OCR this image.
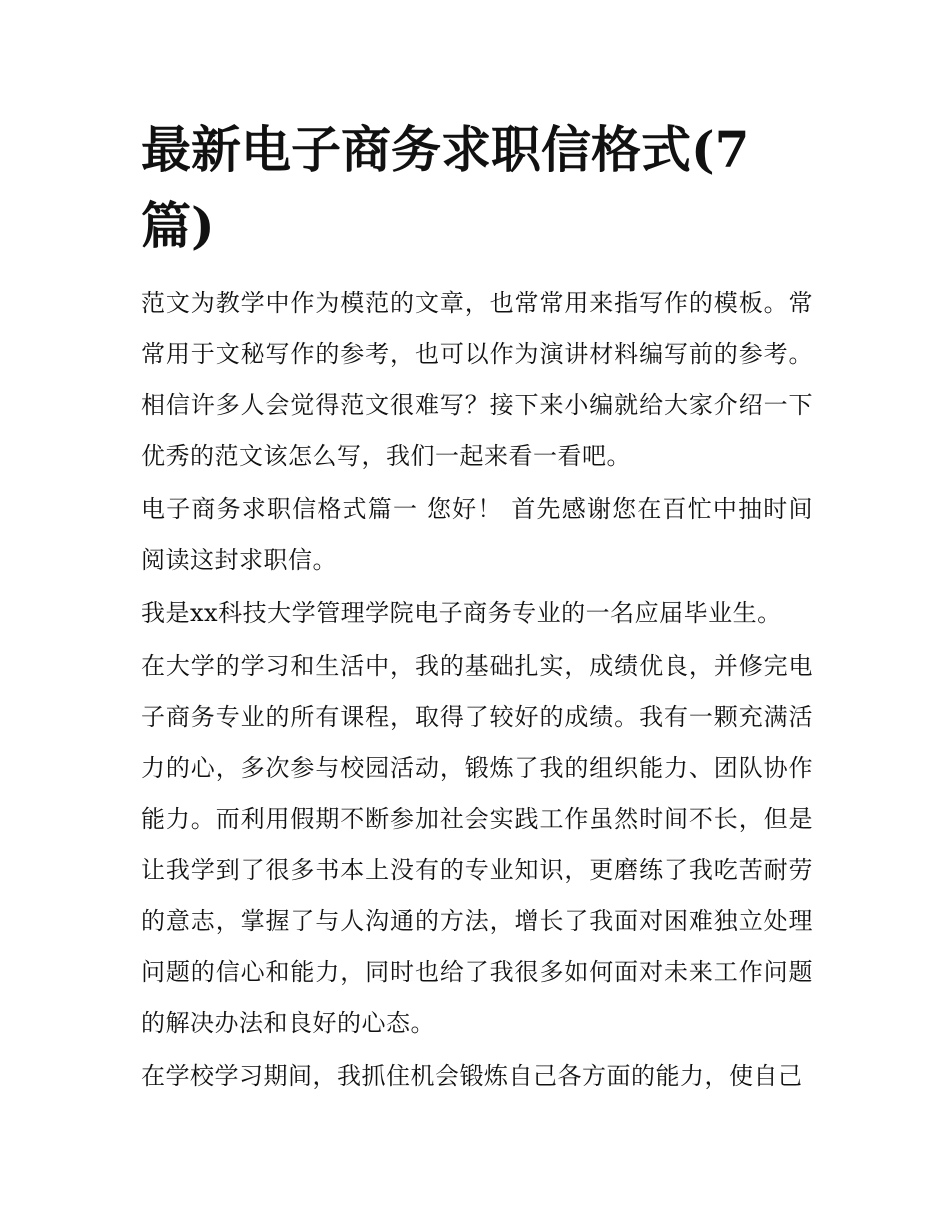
最新电子商务求职信格式(7篇)

范文为教学中作为模范的文章，也常常用来指写作的模板。常常用于文秘写作的参考，也可以作为演讲材料编写前的参考。相信许多人会觉得范文很难写？接下来小编就给大家介绍一下优秀的范文该怎么写，我们一起来看一看吧。

电子商务求职信格式篇一 您好！ 首先感谢您在百忙中抽时间阅读这封求职信。

我是xx科技大学管理学院电子商务专业的一名应届毕业生。

在大学的学习和生活中，我的基础扎实，成绩优良，并修完电子商务专业的所有课程，取得了较好的成绩。我有一颗充满活力的心，多次参与校园活动，锻炼了我的组织能力、团队协作能力。而利用假期不断参加社会实践工作虽然时间不长，但是让我学到了很多书本上没有的专业知识，更磨练了我吃苦耐劳的意志，掌握了与人沟通的方法，增长了我面对困难独立处理问题的信心和能力，同时也给了我很多如何面对未来工作问题的解决办法和良好的心态。

在学校学习期间，我抓住机会锻炼自己各方面的能力，使自己
